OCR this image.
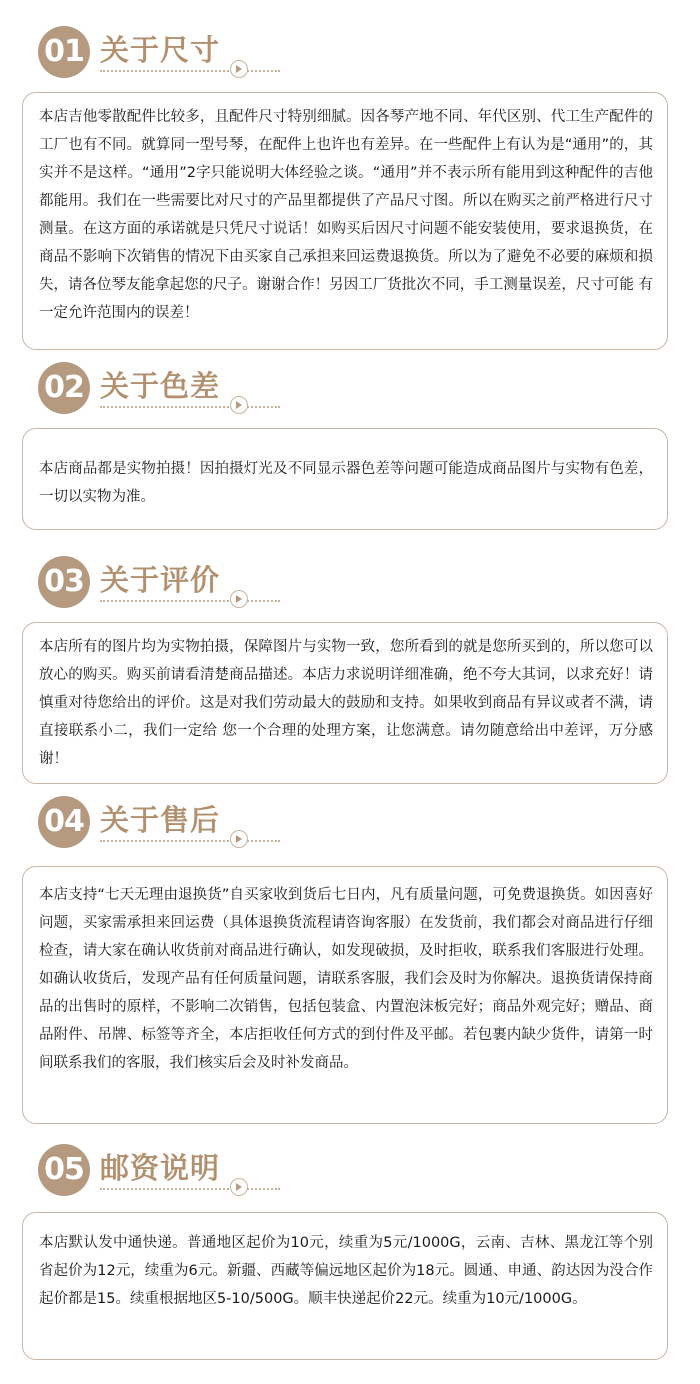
01 关于尺寸

本店吉他零散配件比较多，且配件尺寸特别细腻。因各琴产地不同、年代区别、代工生产配件的工厂也有不同。就算同一型号琴，在配件上也许也有差异。在一些配件上有认为是“通用”的，其实并不是这样。“通用”2字只能说明大体经验之谈。“通用”并不表示所有能用到这种配件的吉他都能用。我们在一些需要比对尺寸的产品里都提供了产品尺寸图。所以在购买之前严格进行尺寸测量。在这方面的承诺就是只凭尺寸说话！如购买后因尺寸问题不能安装使用，要求退换货，在商品不影响下次销售的情况下由买家自己承担来回运费退换货。所以为了避免不必要的麻烦和损失，请各位琴友能拿起您的尺子。谢谢合作！另因工厂货批次不同，手工测量误差，尺寸可能 有一定允许范围内的误差！

02 关于色差

本店商品都是实物拍摄！因拍摄灯光及不同显示器色差等问题可能造成商品图片与实物有色差，一切以实物为准。

03 关于评价

本店所有的图片均为实物拍摄，保障图片与实物一致，您所看到的就是您所买到的，所以您可以放心的购买。购买前请看清楚商品描述。本店力求说明详细准确，绝不夸大其词，以求充好！请慎重对待您给出的评价。这是对我们劳动最大的鼓励和支持。如果收到商品有异议或者不满，请直接联系小二，我们一定给 您一个合理的处理方案，让您满意。请勿随意给出中差评，万分感谢！

04 关于售后

本店支持“七天无理由退换货”自买家收到货后七日内，凡有质量问题，可免费退换货。如因喜好问题，买家需承担来回运费（具体退换货流程请咨询客服）在发货前，我们都会对商品进行仔细检查，请大家在确认收货前对商品进行确认，如发现破损，及时拒收，联系我们客服进行处理。如确认收货后，发现产品有任何质量问题，请联系客服，我们会及时为你解决。退换货请保持商品的出售时的原样，不影响二次销售，包括包装盒、内置泡沫板完好；商品外观完好；赠品、商品附件、吊牌、标签等齐全，本店拒收任何方式的到付件及平邮。若包裹内缺少货件，请第一时间联系我们的客服，我们核实后会及时补发商品。

05 邮资说明

本店默认发中通快递。普通地区起价为10元，续重为5元/1000G，云南、吉林、黑龙江等个别省起价为12元，续重为6元。新疆、西藏等偏远地区起价为18元。圆通、申通、韵达因为没合作起价都是15。续重根据地区5-10/500G。顺丰快递起价22元。续重为10元/1000G。
